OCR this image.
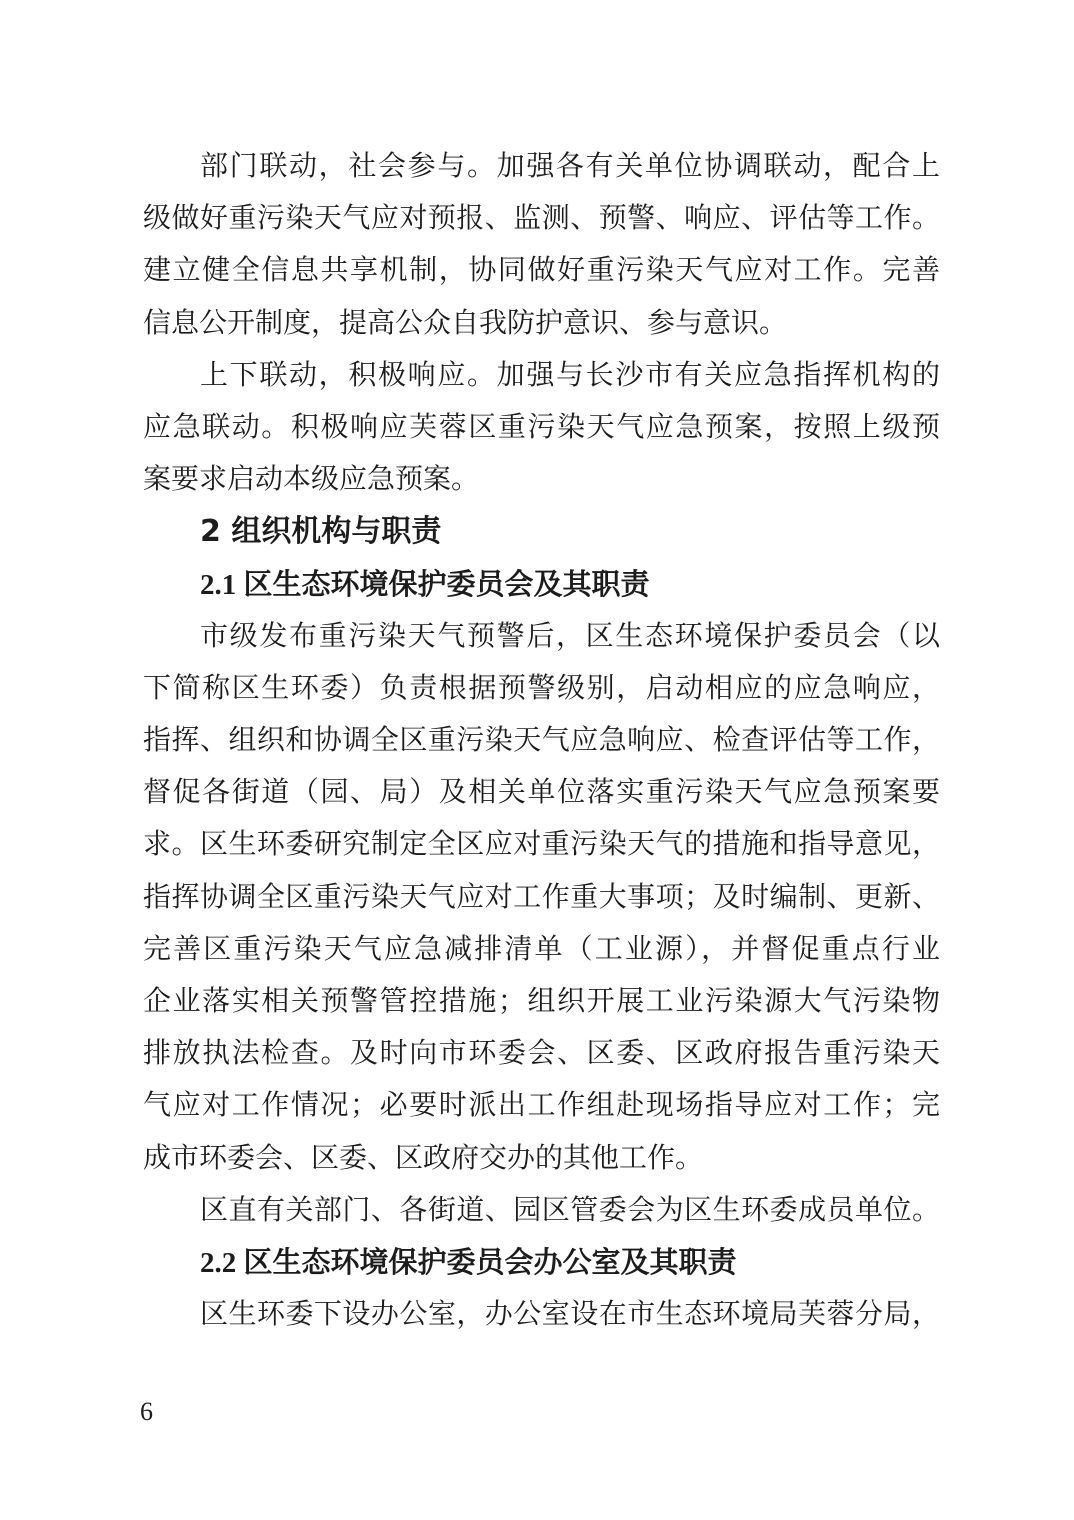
部门联动，社会参与。加强各有关单位协调联动，配合上
级做好重污染天气应对预报、监测、预警、响应、评估等工作。
建立健全信息共享机制，协同做好重污染天气应对工作。完善
信息公开制度，提高公众自我防护意识、参与意识。
上下联动，积极响应。加强与长沙市有关应急指挥机构的
应急联动。积极响应芙蓉区重污染天气应急预案，按照上级预
案要求启动本级应急预案。
2 组织机构与职责
2.1 区生态环境保护委员会及其职责
市级发布重污染天气预警后，区生态环境保护委员会（以
下简称区生环委）负责根据预警级别，启动相应的应急响应，
指挥、组织和协调全区重污染天气应急响应、检查评估等工作，
督促各街道（园、局）及相关单位落实重污染天气应急预案要
求。区生环委研究制定全区应对重污染天气的措施和指导意见，
指挥协调全区重污染天气应对工作重大事项；及时编制、更新、
完善区重污染天气应急减排清单（工业源），并督促重点行业
企业落实相关预警管控措施；组织开展工业污染源大气污染物
排放执法检查。及时向市环委会、区委、区政府报告重污染天
气应对工作情况；必要时派出工作组赴现场指导应对工作；完
成市环委会、区委、区政府交办的其他工作。
区直有关部门、各街道、园区管委会为区生环委成员单位。
2.2 区生态环境保护委员会办公室及其职责
区生环委下设办公室，办公室设在市生态环境局芙蓉分局，
6
